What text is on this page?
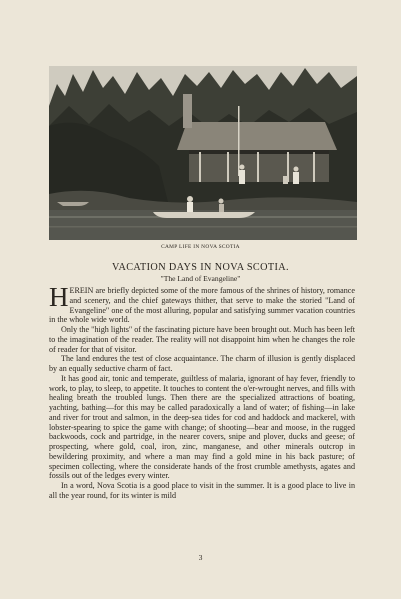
CAMP LIFE IN NOVA SCOTIA
VACATION DAYS IN NOVA SCOTIA.
"The Land of Evangeline"

HEREIN are briefly depicted some of the more famous of the shrines of history, romance and scenery, and the chief gateways thither, that serve to make the storied "Land of Evangeline" one of the most alluring, popular and satisfying summer vacation countries in the whole wide world.

Only the "high lights" of the fascinating picture have been brought out. Much has been left to the imagination of the reader. The reality will not disappoint him when he changes the role of reader for that of visitor.

The land endures the test of close acquaintance. The charm of illusion is gently displaced by an equally seductive charm of fact.

It has good air, tonic and temperate, guiltless of malaria, ignorant of hay fever, friendly to work, to play, to sleep, to appetite. It touches to content the o'er-wrought nerves, and fills with healing breath the troubled lungs. Then there are the specialized attractions of boating, yachting, bathing—for this may be called paradoxically a land of water; of fishing—in lake and river for trout and salmon, in the deep-sea tides for cod and haddock and mackerel, with lobster-spearing to spice the game with change; of shooting—bear and moose, in the rugged backwoods, cock and partridge, in the nearer covers, snipe and plover, ducks and geese; of prospecting, where gold, coal, iron, zinc, manganese, and other minerals outcrop in bewildering proximity, and where a man may find a gold mine in his back pasture; of specimen collecting, where the considerate hands of the frost crumble amethysts, agates and fossils out of the ledges every winter.

In a word, Nova Scotia is a good place to visit in the summer. It is a good place to live in all the year round, for its winter is mild

3
